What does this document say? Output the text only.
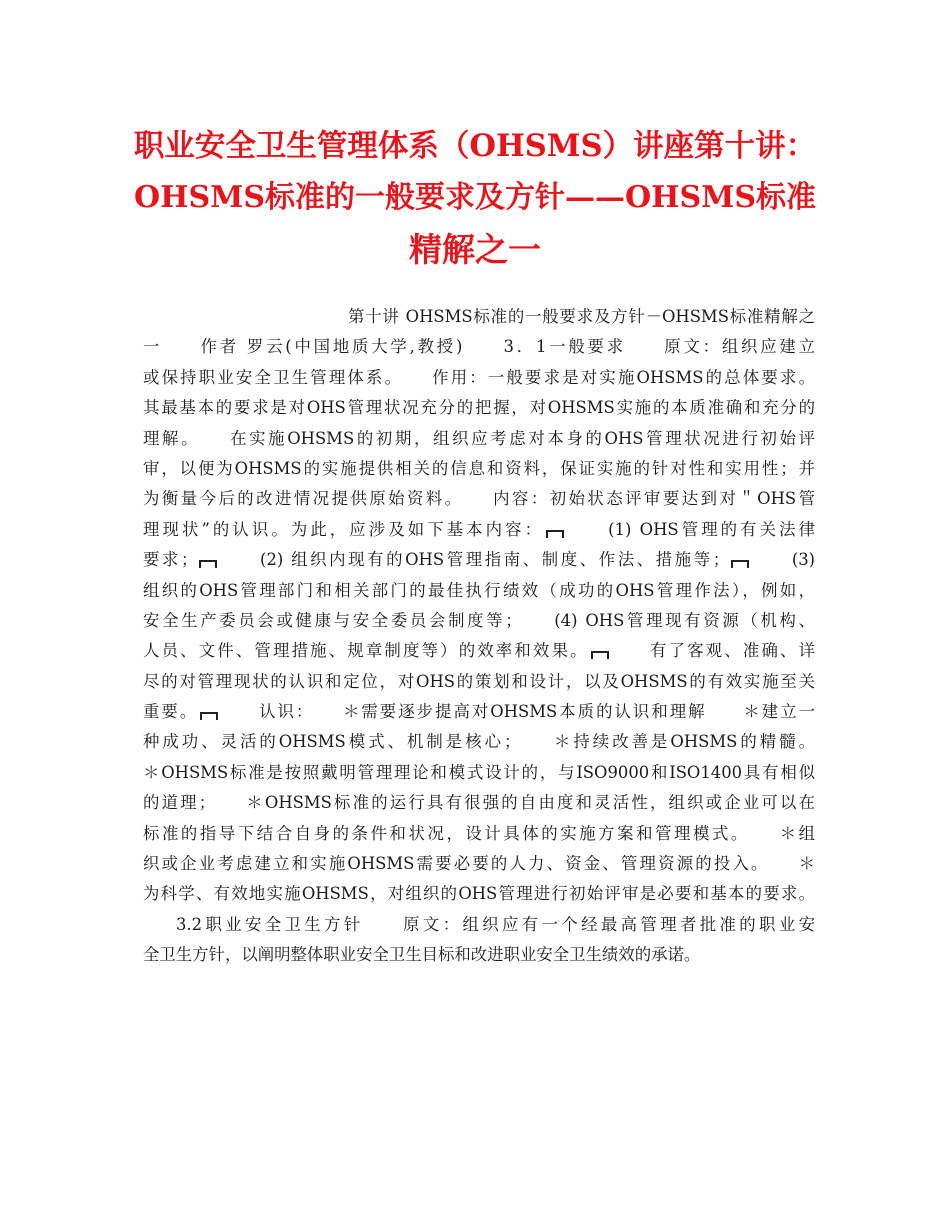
职业安全卫生管理体系（OHSMS）讲座第十讲：
OHSMS标准的一般要求及方针——OHSMS标准
精解之一
第十讲 OHSMS标准的一般要求及方针－OHSMS标准精解之
一　　作者 罗云(中国地质大学,教授)　　3．1一般要求　　原文：组织应建立
或保持职业安全卫生管理体系。　　作用：一般要求是对实施OHSMS的总体要求。
其最基本的要求是对OHS管理状况充分的把握，对OHSMS实施的本质准确和充分的
理解。　　在实施OHSMS的初期，组织应考虑对本身的OHS管理状况进行初始评
审，以便为OHSMS的实施提供相关的信息和资料，保证实施的针对性和实用性；并
为衡量今后的改进情况提供原始资料。　　内容：初始状态评审要达到对＂OHS管
理现状”的认识。为此，应涉及如下基本内容：　　	(1) OHS管理的有关法律
要求；　　	(2) 组织内现有的OHS管理指南、制度、作法、措施等；　　	(3)
组织的OHS管理部门和相关部门的最佳执行绩效（成功的OHS管理作法），例如，
安全生产委员会或健康与安全委员会制度等；　　(4) OHS管理现有资源（机构、
人员、文件、管理措施、规章制度等）的效率和效果。　　	有了客观、准确、详
尽的对管理现状的认识和定位，对OHS的策划和设计，以及OHSMS的有效实施至关
重要。　　	认识：　　＊需要逐步提高对OHSMS本质的认识和理解　　＊建立一
种成功、灵活的OHSMS模式、机制是核心；　　＊持续改善是OHSMS的精髓。
＊OHSMS标准是按照戴明管理理论和模式设计的，与ISO9000和ISO1400具有相似
的道理；　　＊OHSMS标准的运行具有很强的自由度和灵活性，组织或企业可以在
标准的指导下结合自身的条件和状况，设计具体的实施方案和管理模式。　　＊组
织或企业考虑建立和实施OHSMS需要必要的人力、资金、管理资源的投入。　　＊
为科学、有效地实施OHSMS，对组织的OHS管理进行初始评审是必要和基本的要求。
3.2职业安全卫生方针　　原文：组织应有一个经最高管理者批准的职业安
全卫生方针，以阐明整体职业安全卫生目标和改进职业安全卫生绩效的承诺。
